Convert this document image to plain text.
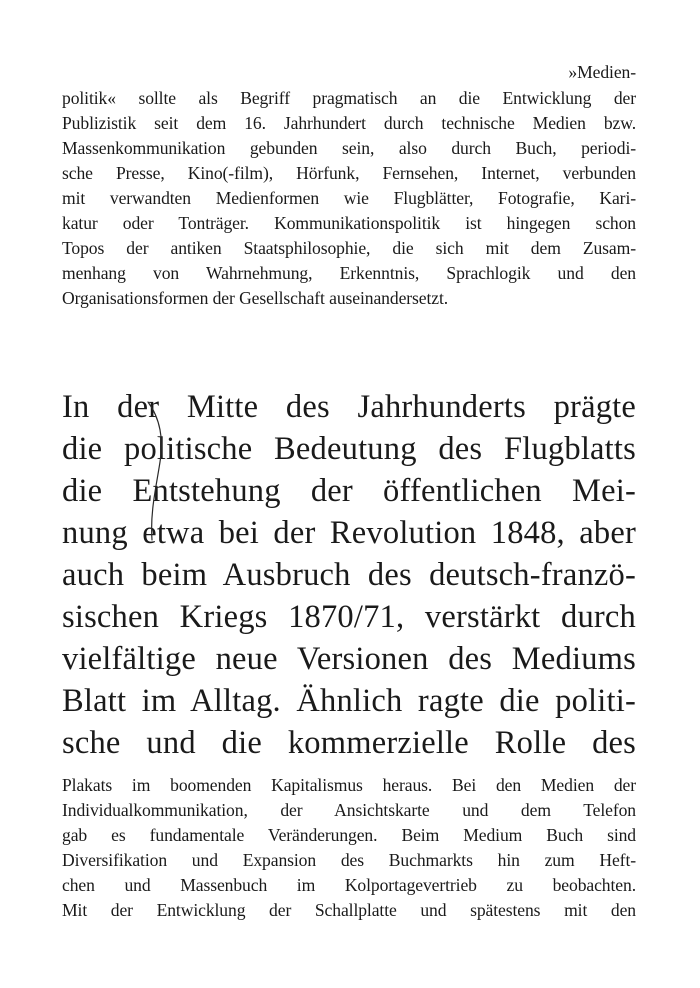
»Medien-
politik« sollte als Begriff pragmatisch an die Entwicklung der
Publizistik seit dem 16. Jahrhundert durch technische Medien bzw.
Massenkommunikation gebunden sein, also durch Buch, periodi-
sche Presse, Kino(-film), Hörfunk, Fernsehen, Internet, verbunden
mit verwandten Medienformen wie Flugblätter, Fotografie, Kari-
katur oder Tonträger. Kommunikationspolitik ist hingegen schon
Topos der antiken Staatsphilosophie, die sich mit dem Zusam-
menhang von Wahrnehmung, Erkenntnis, Sprachlogik und den
Organisationsformen der Gesellschaft auseinandersetzt.
In der Mitte des Jahrhunderts prägte
die politische Bedeutung des Flugblatts
die Entstehung der öffentlichen Mei-
nung etwa bei der Revolution 1848, aber
auch beim Ausbruch des deutsch-franzö-
sischen Kriegs 1870/71, verstärkt durch
vielfältige neue Versionen des Mediums
Blatt im Alltag. Ähnlich ragte die politi-
sche und die kommerzielle Rolle des
Plakats im boomenden Kapitalismus heraus. Bei den Medien der
Individualkommunikation, der Ansichtskarte und dem Telefon
gab es fundamentale Veränderungen. Beim Medium Buch sind
Diversifikation und Expansion des Buchmarkts hin zum Heft-
chen und Massenbuch im Kolportagevertrieb zu beobachten.
Mit der Entwicklung der Schallplatte und spätestens mit den
